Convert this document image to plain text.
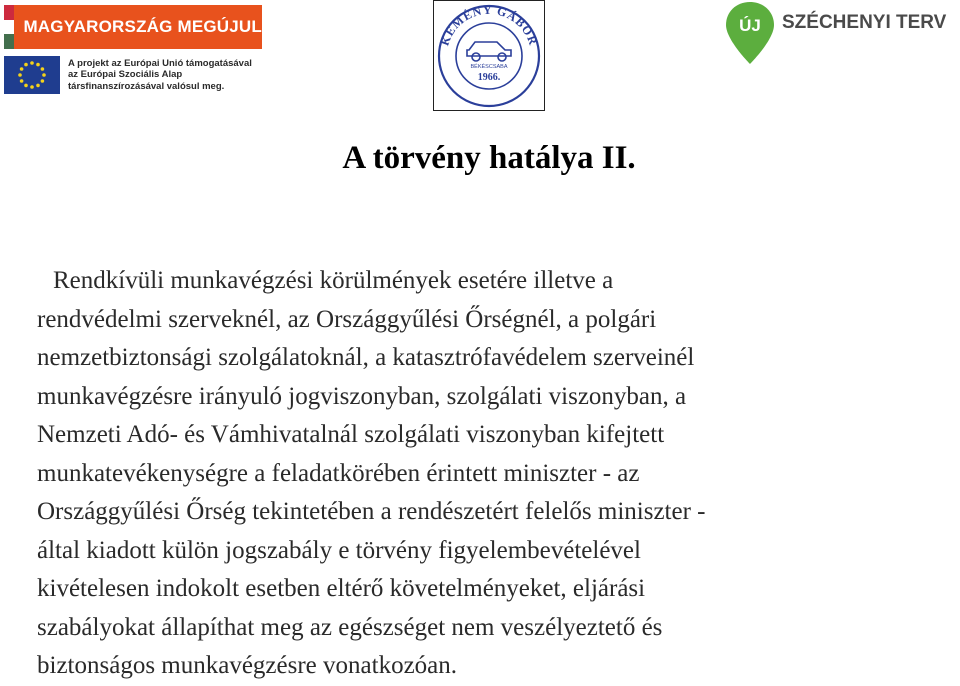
MAGYARORSZÁG MEGÚJUL
A projekt az Európai Unió támogatásával
az Európai Szociális Alap
társfinanszírozásával valósul meg.
KEMÉNY GÁBOR
BÉKÉSCSABA
1966.
ÚJ SZÉCHENYI TERV
A törvény hatálya II.
Rendkívüli munkavégzési körülmények esetére illetve a
rendvédelmi szerveknél, az Országgyűlési Őrségnél, a polgári
nemzetbiztonsági szolgálatoknál, a katasztrófavédelem szerveinél
munkavégzésre irányuló jogviszonyban, szolgálati viszonyban, a
Nemzeti Adó- és Vámhivatalnál szolgálati viszonyban kifejtett
munkatevékenységre a feladatkörében érintett miniszter - az
Országgyűlési Őrség tekintetében a rendészetért felelős miniszter -
által kiadott külön jogszabály e törvény figyelembevételével
kivételesen indokolt esetben eltérő követelményeket, eljárási
szabályokat állapíthat meg az egészséget nem veszélyeztető és
biztonságos munkavégzésre vonatkozóan.
